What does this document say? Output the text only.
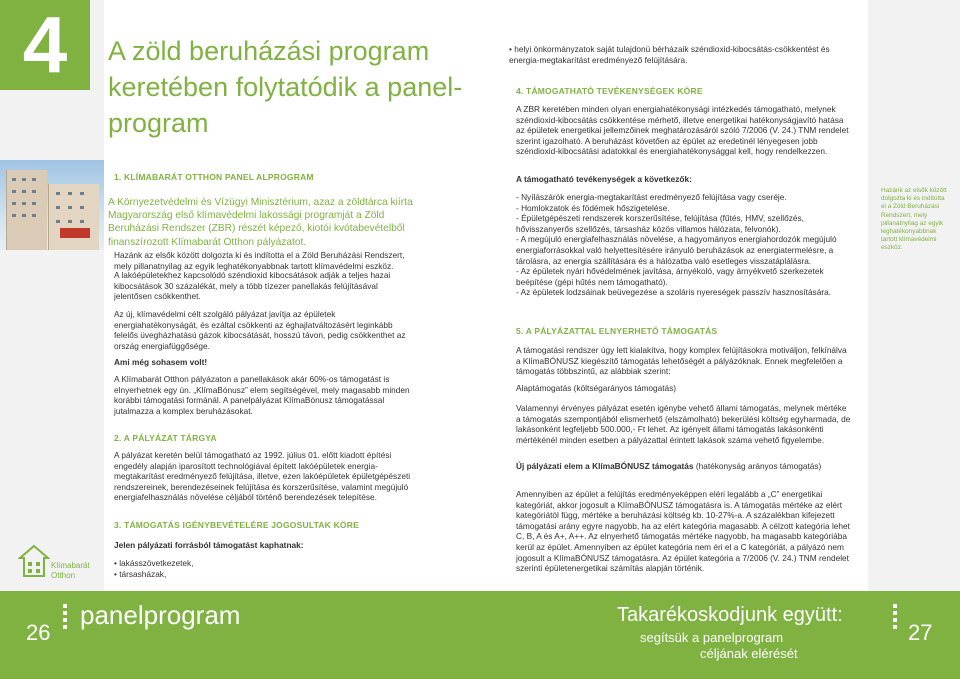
4	A zöld beruházási program
keretében folytatódik a panel-
program
1. KLÍMABARÁT OTTHON PANEL ALPROGRAM
A Környezetvédelmi és Vízügyi Minisztérium, azaz a zöldtárca kiírta Magyarország első klímavédelmi lakossági programját a Zöld Beruházási Rendszer (ZBR) részét képező, kiotói kvótabevételből finanszírozott Klímabarát Otthon pályázatot.
Hazánk az elsők között dolgozta ki és indította el a Zöld Beruházási Rendszert, mely pillanatnyilag az egyik leghatékonyabbnak tartott klímavédelmi eszköz.
A lakóépületekhez kapcsolódó széndioxid kibocsátások adják a teljes hazai kibocsátások 30 százalékát, mely a több tízezer panellakás felújításával jelentősen csökkenthet.
Az új, klímavédelmi célt szolgáló pályázat javítja az épületek energiahatékonyságát, és ezáltal csökkenti az éghajlatváltozásért leginkább felelős üvegházhatású gázok kibocsátását, hosszú távon, pedig csökkenthet az ország energiafüggősége.
Ami még sohasem volt!
A Klímabarát Otthon pályázaton a panellakások akár 60%-os támogatást is elnyerhetnek egy ún. „KlímaBónusz” elem segítségével, mely magasabb minden korábbi támogatási formánál. A panelpályázat KlímaBónusz támogatással jutalmazza a komplex beruházásokat.
2. A PÁLYÁZAT TÁRGYA
A pályázat keretén belül támogatható az 1992. július 01. előtt kiadott építési engedély alapján iparosított technológiával épített lakóépületek energia-megtakarítást eredményező felújítása, illetve, ezen lakóépületek épületgépészeti rendszereinek, berendezéseinek felújítása és korszerűsítése, valamint megújuló energiafelhasználás növelése céljából történő berendezések telepítése.
3. TÁMOGATÁS IGÉNYBEVÉTELÉRE JOGOSULTAK KÖRE
Jelen pályázati forrásból támogatást kaphatnak:
• lakásszövetkezetek,
• társasházak,
Klímabarát
Otthon
• helyi önkormányzatok saját tulajdonú bérházaik széndioxid-kibocsátás-csökkentést és energia-megtakarítást eredményező felújítására.
4. TÁMOGATHATÓ TEVÉKENYSÉGEK KÖRE
A ZBR keretében minden olyan energiahatékonysági intézkedés támogatható, melynek széndioxid-kibocsátás csökkentése mérhető, illetve energetikai hatékonyságjavító hatása az épületek energetikai jellemzőinek meghatározásáról szóló 7/2006 (V. 24.) TNM rendelet szerint igazolható. A beruházást követően az épület az eredetinél lényegesen jobb széndioxid-kibocsátási adatokkal és energiahatékonysággal kell, hogy rendelkezzen.
A támogatható tevékenységek a következők:

- Nyílászárók energia-megtakarítást eredményező felújítása vagy cseréje.

- Homlokzatok és födémek hőszigetelése.

- Épületgépészeti rendszerek korszerűsítése, felújítása (fűtés, HMV, szellőzés, hővisszanyerős szellőzés, társasház közös villamos hálózata, felvonók).

- A megújuló energiafelhasználás növelése, a hagyományos energiahordozók megújuló energiaforrásokkal való helyettesítésére irányuló beruházások az energiatermelésre, a tárolásra, az energia szállítására és a hálózatba való esetleges visszatáplálásra.

- Az épületek nyári hővédelmének javítása, árnyékoló, vagy árnyékvető szerkezetek beépítése (gépi hűtés nem támogatható).

- Az épületek lodzsáinak beüvegezése a szoláris nyereségek passzív hasznosítására.

5. A PÁLYÁZATTAL ELNYERHETŐ TÁMOGATÁS
A támogatási rendszer úgy lett kialakítva, hogy komplex felújításokra motiváljon, felkínálva a KlímaBÓNUSZ kiegészítő támogatás lehetőségét a pályázóknak. Ennek megfelelően a támogatás többszintű, az alábbiak szerint:
Alaptámogatás (költségarányos támogatás)
Valamennyi érvényes pályázat esetén igénybe vehető állami támogatás, melynek mértéke a támogatás szempontjából elismerhető (elszámolható) bekerülési költség egyharmada, de lakásonként legfeljebb 500.000,- Ft lehet. Az igényelt állami támogatás lakásonkénti mértékénél minden esetben a pályázattal érintett lakások száma vehető figyelembe.
Új pályázati elem a KlímaBÓNUSZ támogatás (hatékonyság arányos támogatás)
Amennyiben az épület a felújítás eredményeképpen eléri legalább a „C” energetikai kategóriát, akkor jogosult a KlímaBÓNUSZ támogatásra is. A támogatás mértéke az elért kategóriától függ, mértéke a beruházási költség kb. 10-27%-a. A százalékban kifejezett támogatási arány egyre nagyobb, ha az elért kategória magasabb. A célzott kategória lehet C, B, A és A+, A++. Az elnyerhető támogatás mértéke nagyobb, ha magasabb kategóriába kerül az épület. Amennyiben az épület kategória nem éri el a C kategóriát, a pályázó nem jogosult a KlímaBÓNUSZ támogatásra. Az épület kategória a 7/2006 (V. 24.) TNM rendelet szerinti épületenergetikai számítás alapján történik.
Hazánk az elsők között dolgozta ki és indította el a Zöld Beruházási Rendszert, mely pillanatnyilag az egyik leghatékonyabbnak tartott klímavédelmi eszköz.
26
panelprogram	Takarékoskodjunk együtt:
segítsük a panelprogram
céljának elérését
27
